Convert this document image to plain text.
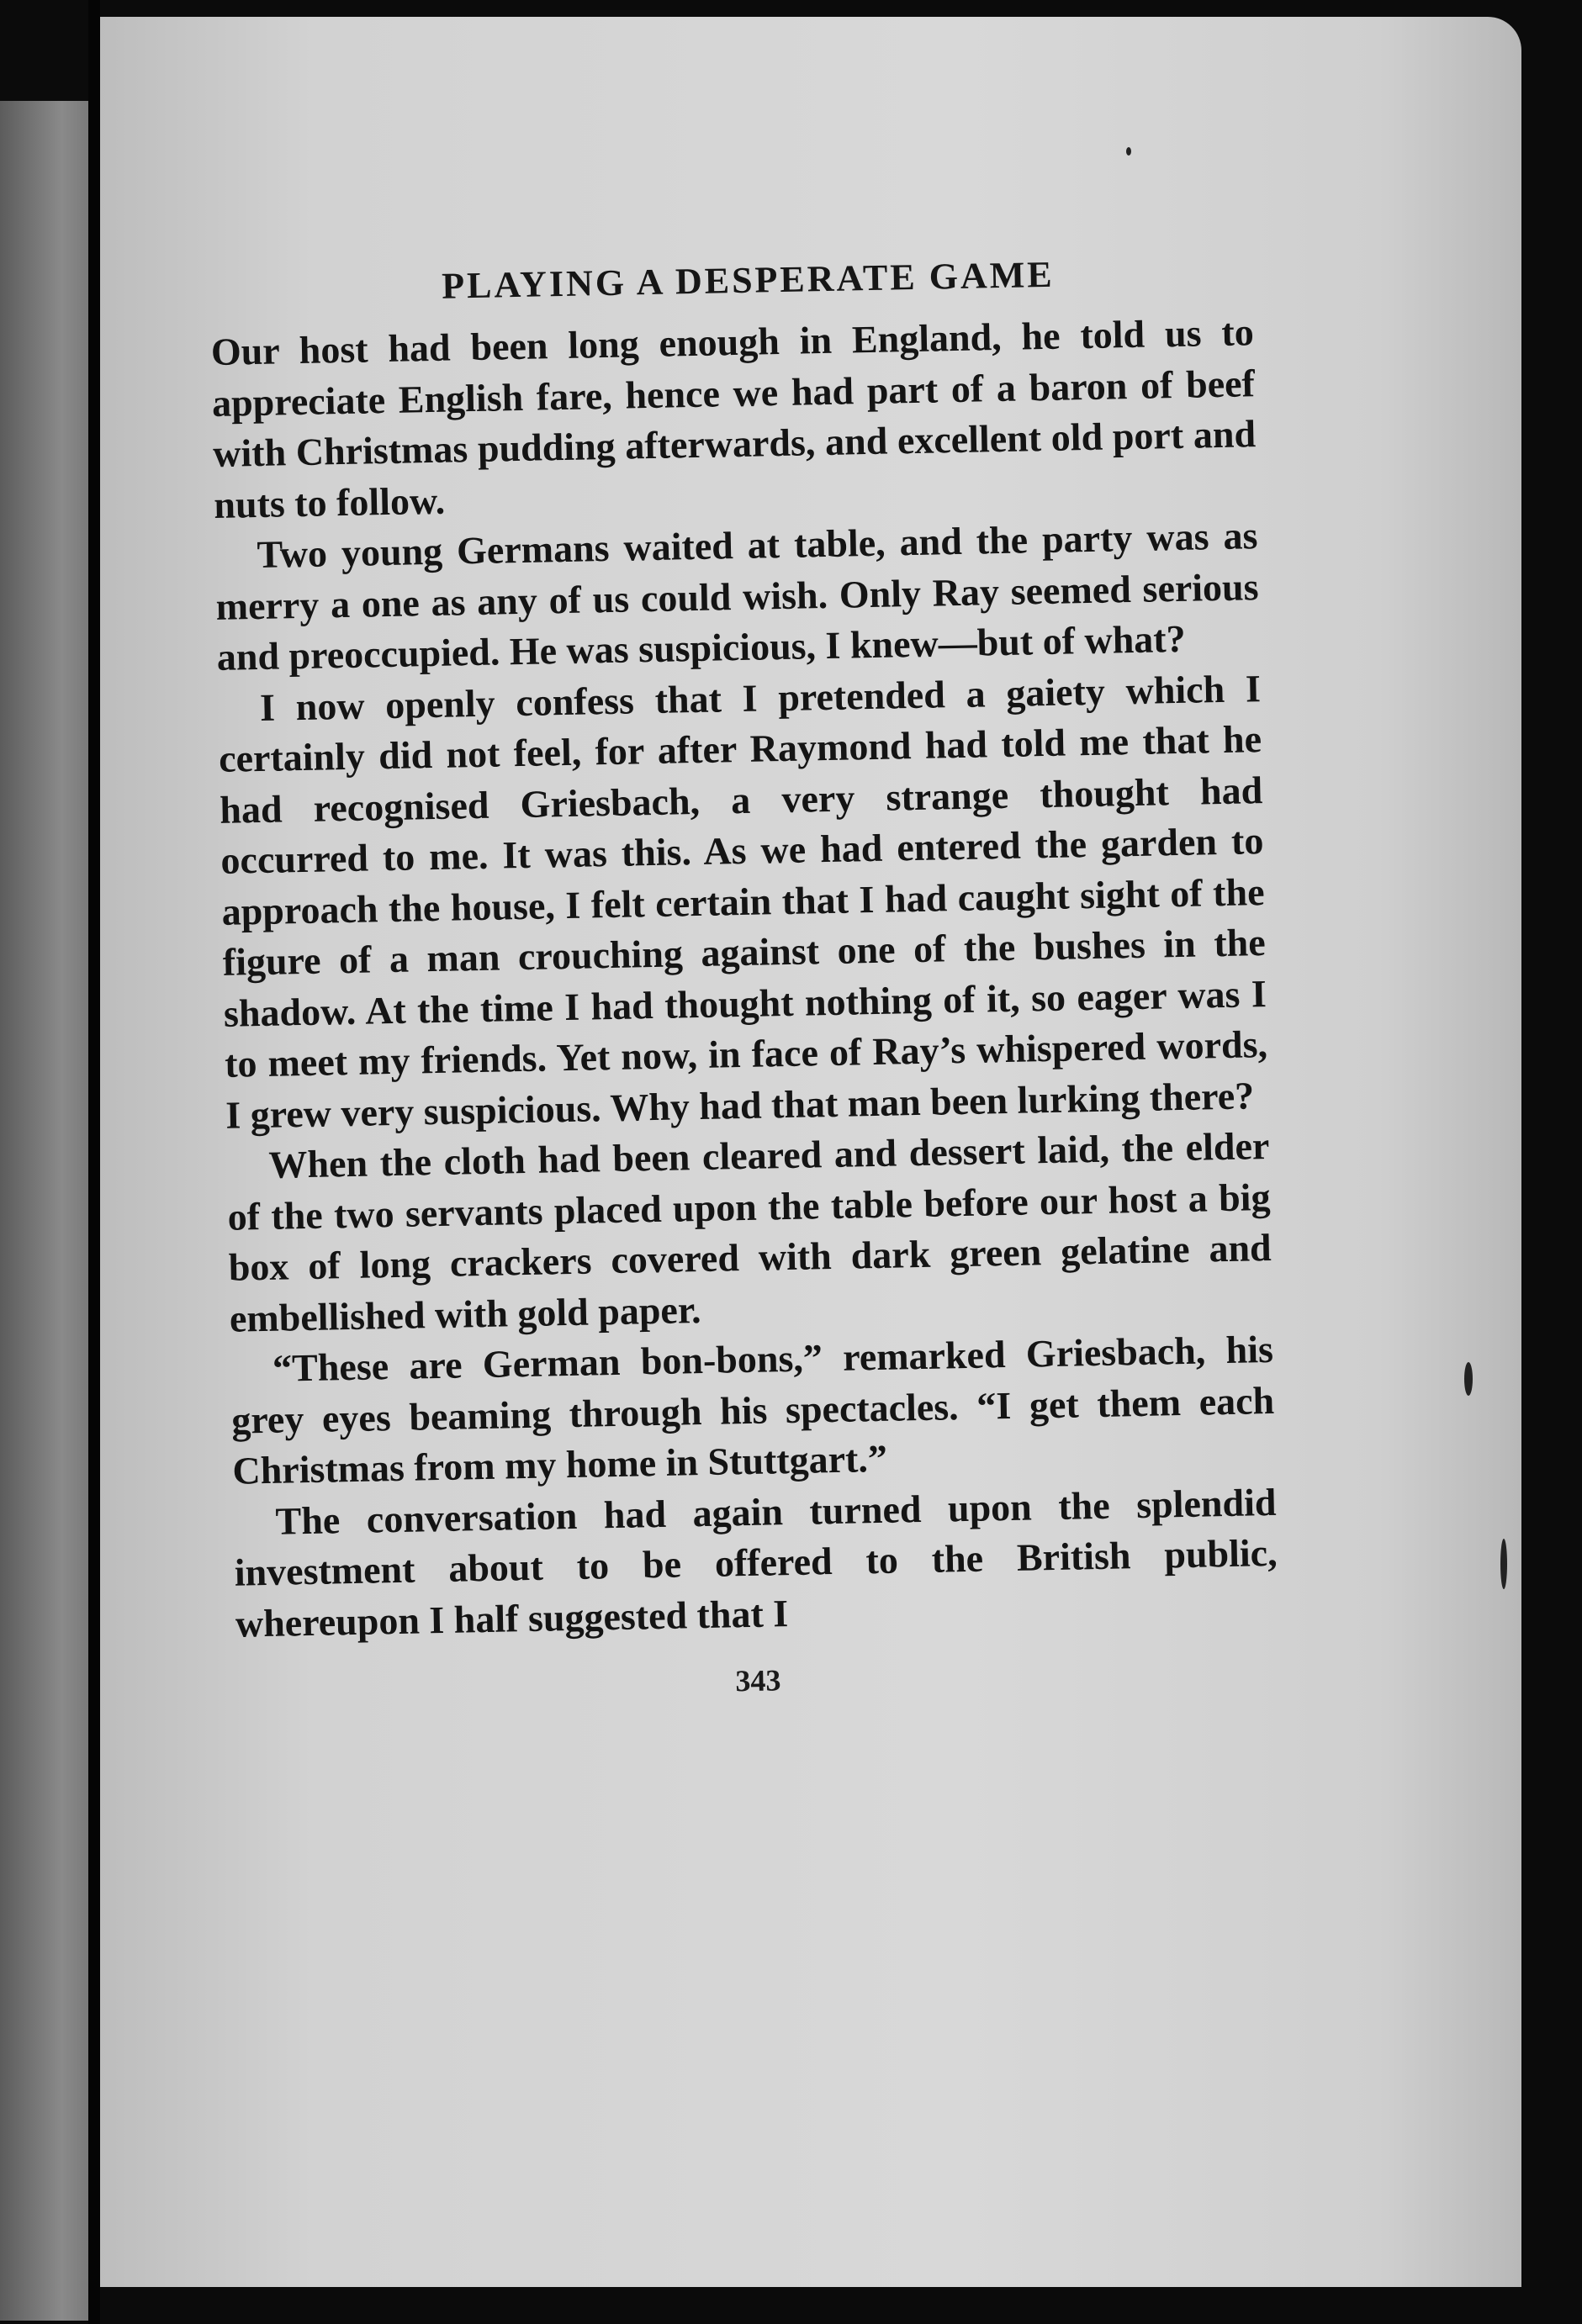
PLAYING A DESPERATE GAME

Our host had been long enough in England, he told us to appreciate English fare, hence we had part of a baron of beef with Christmas pudding afterwards, and excellent old port and nuts to follow.

Two young Germans waited at table, and the party was as merry a one as any of us could wish. Only Ray seemed serious and preoccupied. He was suspicious, I knew—but of what?

I now openly confess that I pretended a gaiety which I certainly did not feel, for after Raymond had told me that he had recognised Griesbach, a very strange thought had occurred to me. It was this. As we had entered the garden to approach the house, I felt certain that I had caught sight of the figure of a man crouching against one of the bushes in the shadow. At the time I had thought nothing of it, so eager was I to meet my friends. Yet now, in face of Ray’s whispered words, I grew very suspicious. Why had that man been lurking there?

When the cloth had been cleared and dessert laid, the elder of the two servants placed upon the table before our host a big box of long crackers covered with dark green gelatine and embellished with gold paper.

“These are German bon-bons,” remarked Griesbach, his grey eyes beaming through his spectacles. “I get them each Christmas from my home in Stuttgart.”

The conversation had again turned upon the splendid investment about to be offered to the British public, whereupon I half suggested that I

343
